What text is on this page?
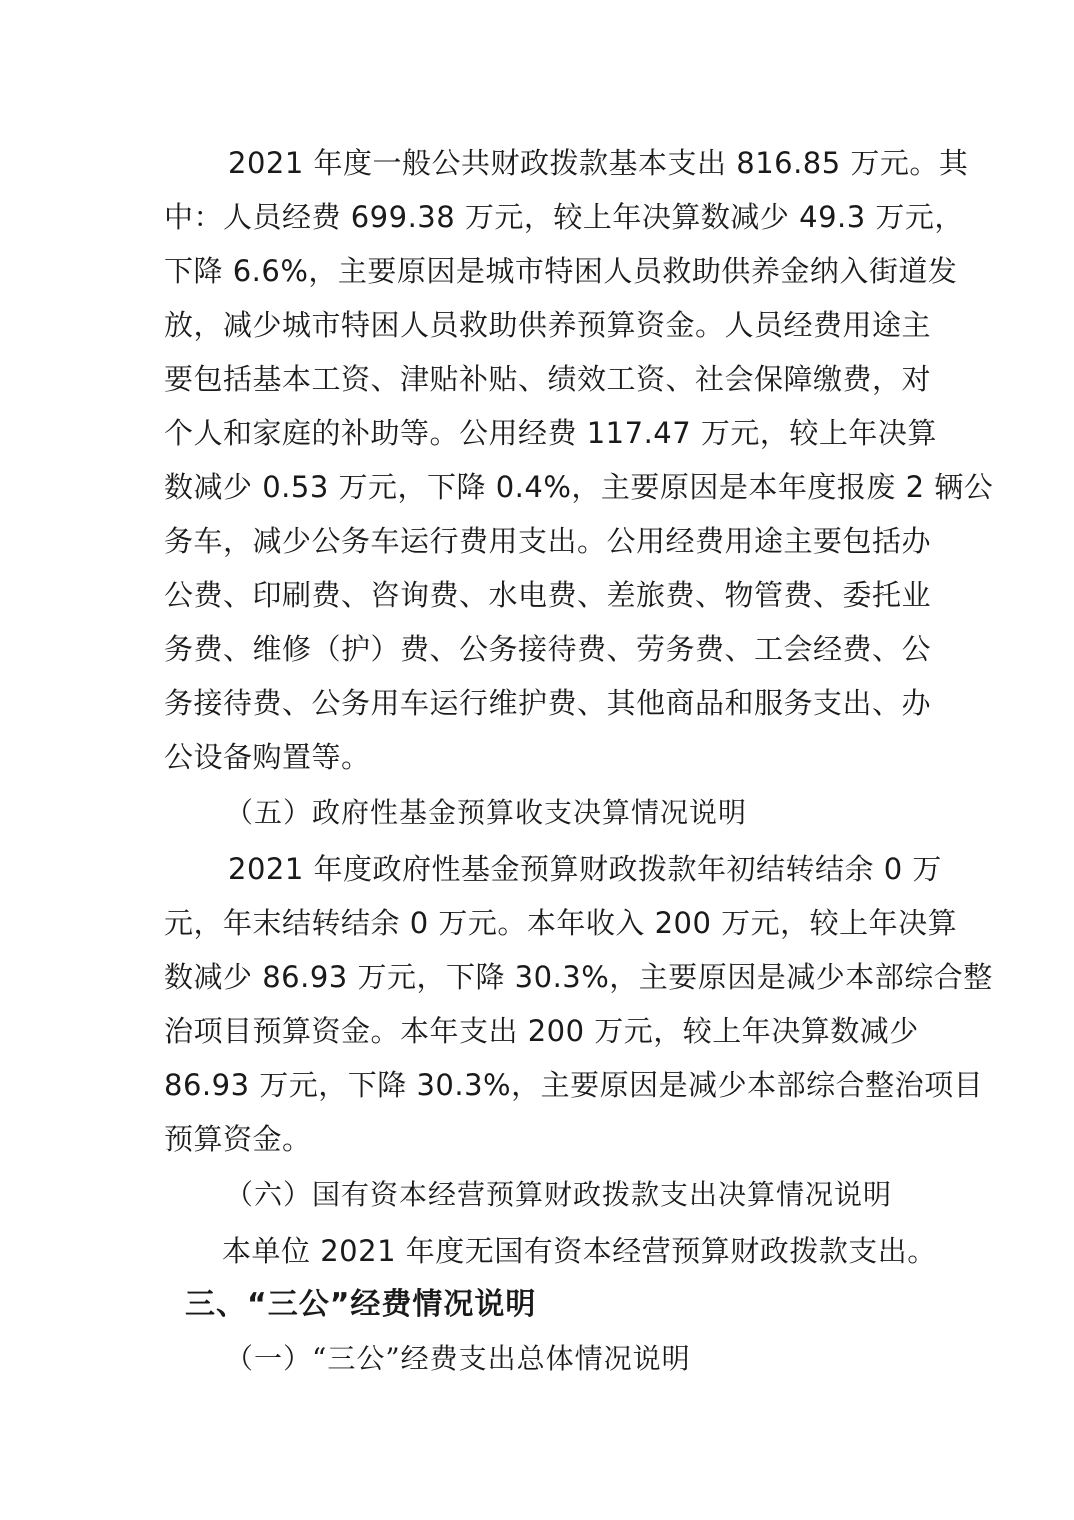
2021 年度一般公共财政拨款基本支出 816.85 万元。其
中：人员经费 699.38 万元，较上年决算数减少 49.3 万元，
下降 6.6%，主要原因是城市特困人员救助供养金纳入街道发
放，减少城市特困人员救助供养预算资金。人员经费用途主
要包括基本工资、津贴补贴、绩效工资、社会保障缴费，对
个人和家庭的补助等。公用经费 117.47 万元，较上年决算
数减少 0.53 万元，下降 0.4%，主要原因是本年度报废 2 辆公
务车，减少公务车运行费用支出。公用经费用途主要包括办
公费、印刷费、咨询费、水电费、差旅费、物管费、委托业
务费、维修（护）费、公务接待费、劳务费、工会经费、公
务接待费、公务用车运行维护费、其他商品和服务支出、办
公设备购置等。
（五）政府性基金预算收支决算情况说明
2021 年度政府性基金预算财政拨款年初结转结余 0 万
元，年末结转结余 0 万元。本年收入 200 万元，较上年决算
数减少 86.93 万元，下降 30.3%，主要原因是减少本部综合整
治项目预算资金。本年支出 200 万元，较上年决算数减少
86.93 万元，下降 30.3%，主要原因是减少本部综合整治项目
预算资金。
（六）国有资本经营预算财政拨款支出决算情况说明
本单位 2021 年度无国有资本经营预算财政拨款支出。
三、“三公”经费情况说明
（一）“三公”经费支出总体情况说明
